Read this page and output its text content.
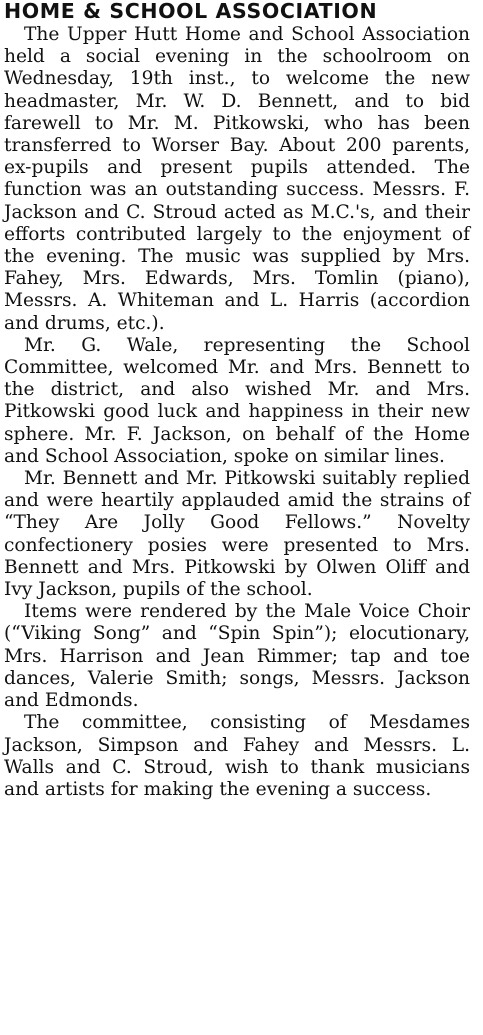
HOME & SCHOOL ASSOCIATION

The Upper Hutt Home and School Association held a social evening in the schoolroom on Wednesday, 19th inst., to welcome the new headmaster, Mr. W. D. Bennett, and to bid farewell to Mr. M. Pitkowski, who has been transferred to Worser Bay. About 200 parents, ex-pupils and present pupils attended. The function was an outstanding success. Messrs. F. Jackson and C. Stroud acted as M.C.'s, and their efforts contributed largely to the enjoyment of the evening. The music was supplied by Mrs. Fahey, Mrs. Edwards, Mrs. Tomlin (piano), Messrs. A. Whiteman and L. Harris (accordion and drums, etc.).

Mr. G. Wale, representing the School Committee, welcomed Mr. and Mrs. Bennett to the district, and also wished Mr. and Mrs. Pitkowski good luck and happiness in their new sphere. Mr. F. Jackson, on behalf of the Home and School Association, spoke on similar lines.

Mr. Bennett and Mr. Pitkowski suitably replied and were heartily applauded amid the strains of “They Are Jolly Good Fellows.” Novelty confectionery posies were presented to Mrs. Bennett and Mrs. Pitkowski by Olwen Oliff and Ivy Jackson, pupils of the school.

Items were rendered by the Male Voice Choir (“Viking Song” and “Spin Spin”); elocutionary, Mrs. Harrison and Jean Rimmer; tap and toe dances, Valerie Smith; songs, Messrs. Jackson and Edmonds.

The committee, consisting of Mesdames Jackson, Simpson and Fahey and Messrs. L. Walls and C. Stroud, wish to thank musicians and artists for making the evening a success.
